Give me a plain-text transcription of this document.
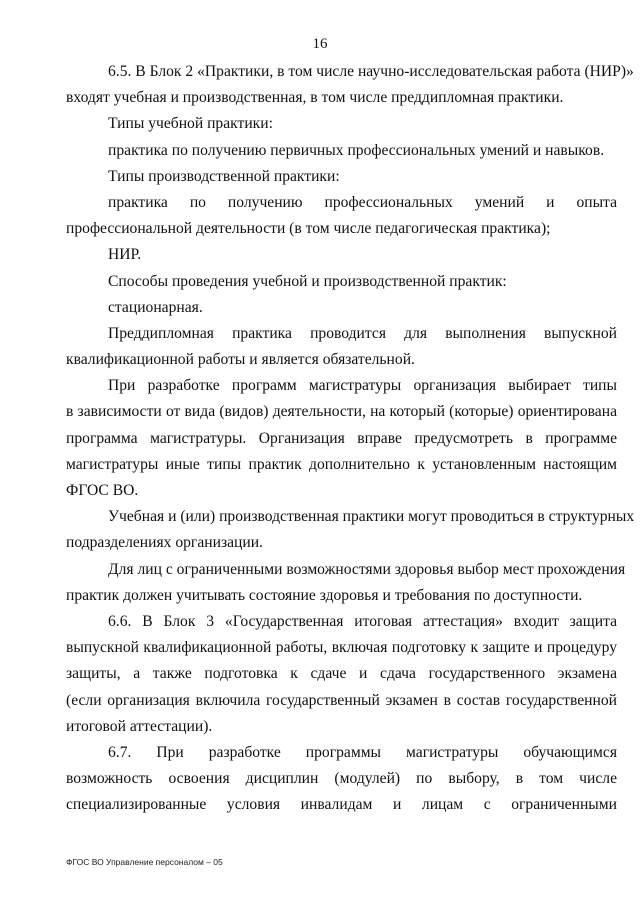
16
6.5. В Блок 2 «Практики, в том числе научно-исследовательская работа (НИР)»
входят учебная и производственная, в том числе преддипломная практики.
Типы учебной практики:
практика по получению первичных профессиональных умений и навыков.
Типы производственной практики:
практика по получению профессиональных умений и опыта
профессиональной деятельности (в том числе педагогическая практика);
НИР.
Способы проведения учебной и производственной практик:
стационарная.
Преддипломная практика проводится для выполнения выпускной
квалификационной работы и является обязательной.
При разработке программ магистратуры организация выбирает типы
в зависимости от вида (видов) деятельности, на который (которые) ориентирована
программа магистратуры. Организация вправе предусмотреть в программе
магистратуры иные типы практик дополнительно к установленным настоящим
ФГОС ВО.
Учебная и (или) производственная практики могут проводиться в структурных
подразделениях организации.
Для лиц с ограниченными возможностями здоровья выбор мест прохождения
практик должен учитывать состояние здоровья и требования по доступности.
6.6. В Блок 3 «Государственная итоговая аттестация» входит защита
выпускной квалификационной работы, включая подготовку к защите и процедуру
защиты, а также подготовка к сдаче и сдача государственного экзамена
(если организация включила государственный экзамен в состав государственной
итоговой аттестации).
6.7. При разработке программы магистратуры обучающимся
возможность освоения дисциплин (модулей) по выбору, в том числе
специализированные условия инвалидам и лицам с ограниченными
ФГОС ВО Управление персоналом – 05
